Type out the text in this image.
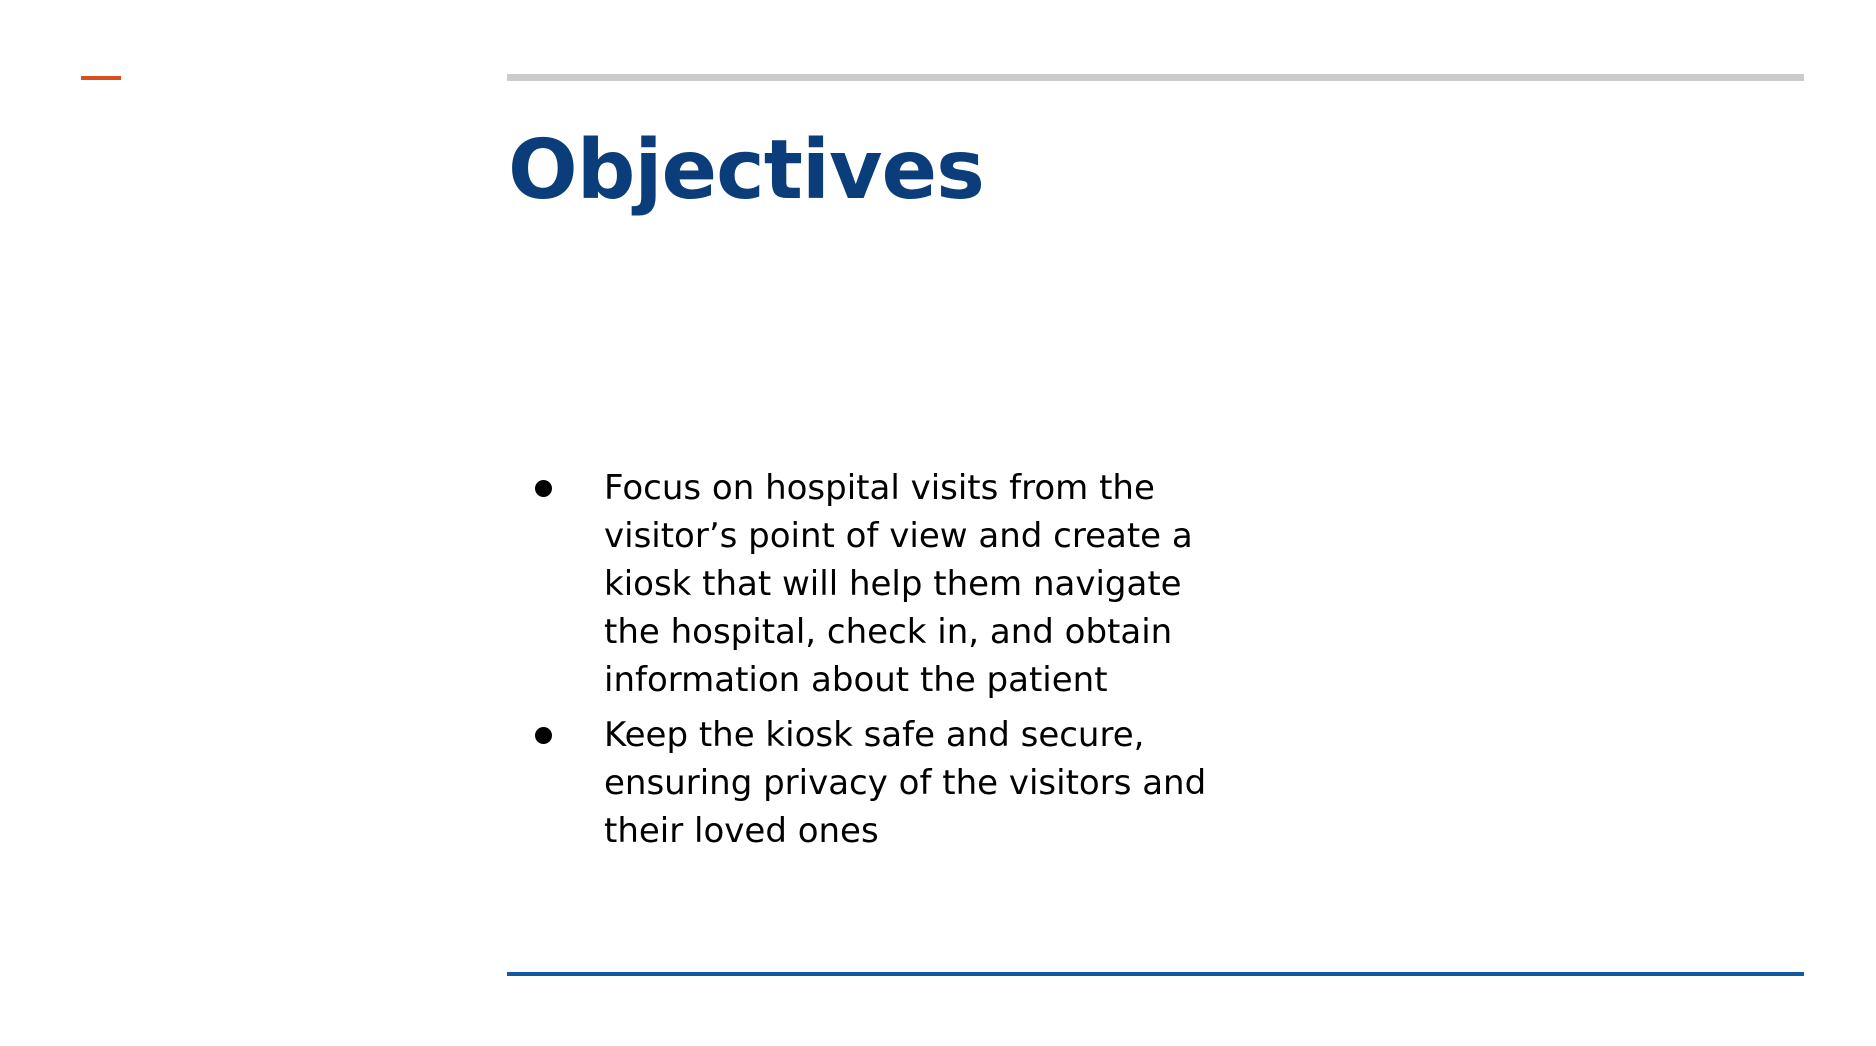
Objectives
Focus on hospital visits from the visitor’s point of view and create a kiosk that will help them navigate the hospital, check in, and obtain information about the patient
Keep the kiosk safe and secure, ensuring privacy of the visitors and their loved ones
